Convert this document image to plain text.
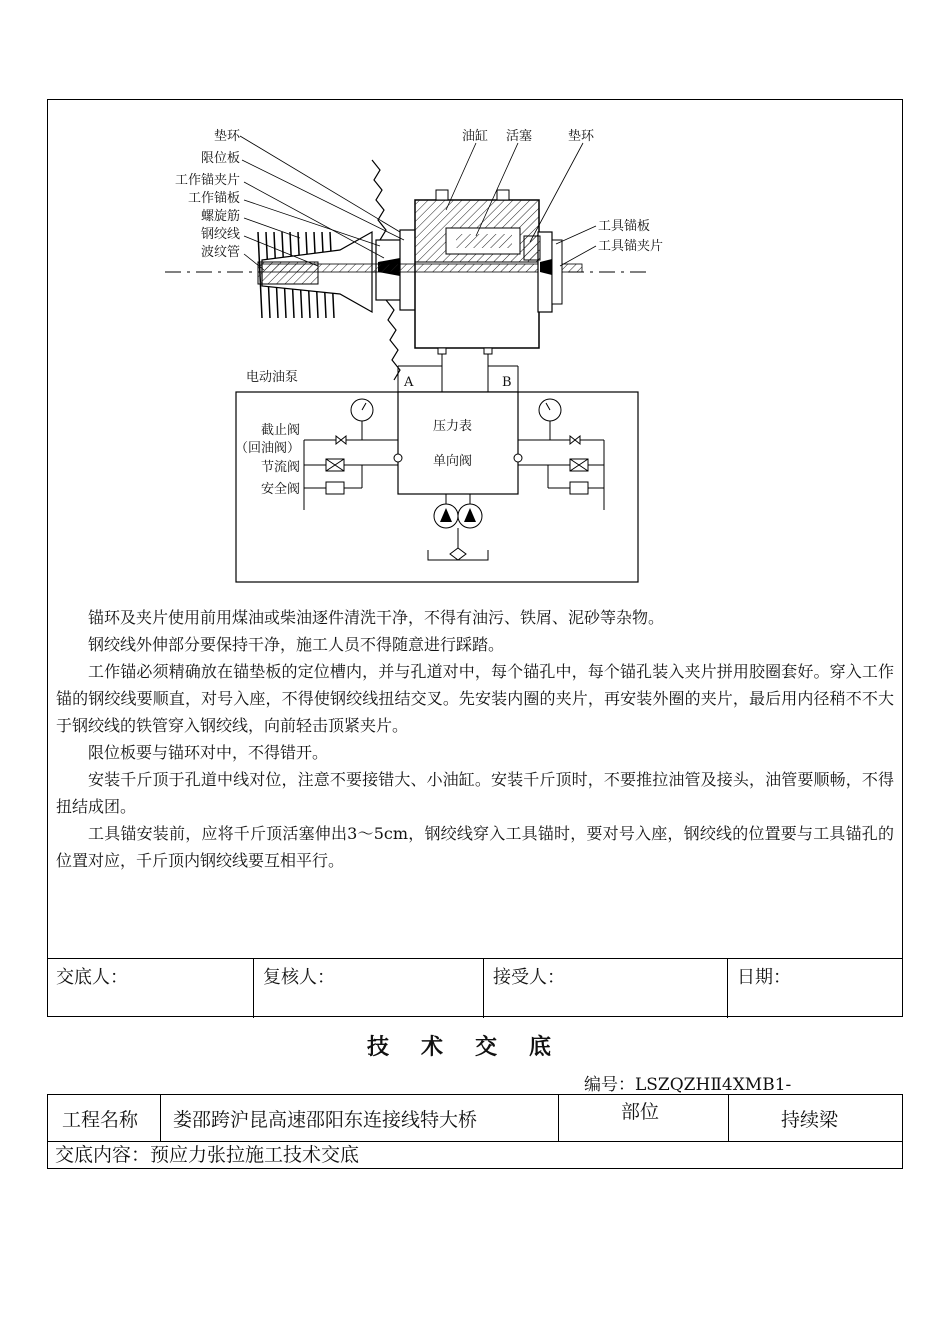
垫环
限位板
工作锚夹片
工作锚板
螺旋筋
钢绞线
波纹管
油缸 活塞	垫环
工具锚板
工具锚夹片
电动油泵	A	B
压力表
单向阀
截止阀
（回油阀）
节流阀
安全阀

锚环及夹片使用前用煤油或柴油逐件清洗干净，不得有油污、铁屑、泥砂等杂物。

钢绞线外伸部分要保持干净，施工人员不得随意进行踩踏。

工作锚必须精确放在锚垫板的定位槽内，并与孔道对中，每个锚孔中，每个锚孔装入夹片拼用胶圈套好。穿入工作锚的钢绞线要顺直，对号入座，不得使钢绞线扭结交叉。先安装内圈的夹片，再安装外圈的夹片，最后用内径稍不不大于钢绞线的铁管穿入钢绞线，向前轻击顶紧夹片。

限位板要与锚环对中，不得错开。

安装千斤顶于孔道中线对位，注意不要接错大、小油缸。安装千斤顶时，不要推拉油管及接头，油管要顺畅，不得扭结成团。

工具锚安装前，应将千斤顶活塞伸出3～5cm，钢绞线穿入工具锚时，要对号入座，钢绞线的位置要与工具锚孔的位置对应，千斤顶内钢绞线要互相平行。

交底人：	复核人：	接受人：	日期：
技术交底
编号：LSZQZHⅡ4XMB1-
工程名称	娄邵跨沪昆高速邵阳东连接线特大桥	部位	持续梁
交底内容：预应力张拉施工技术交底
